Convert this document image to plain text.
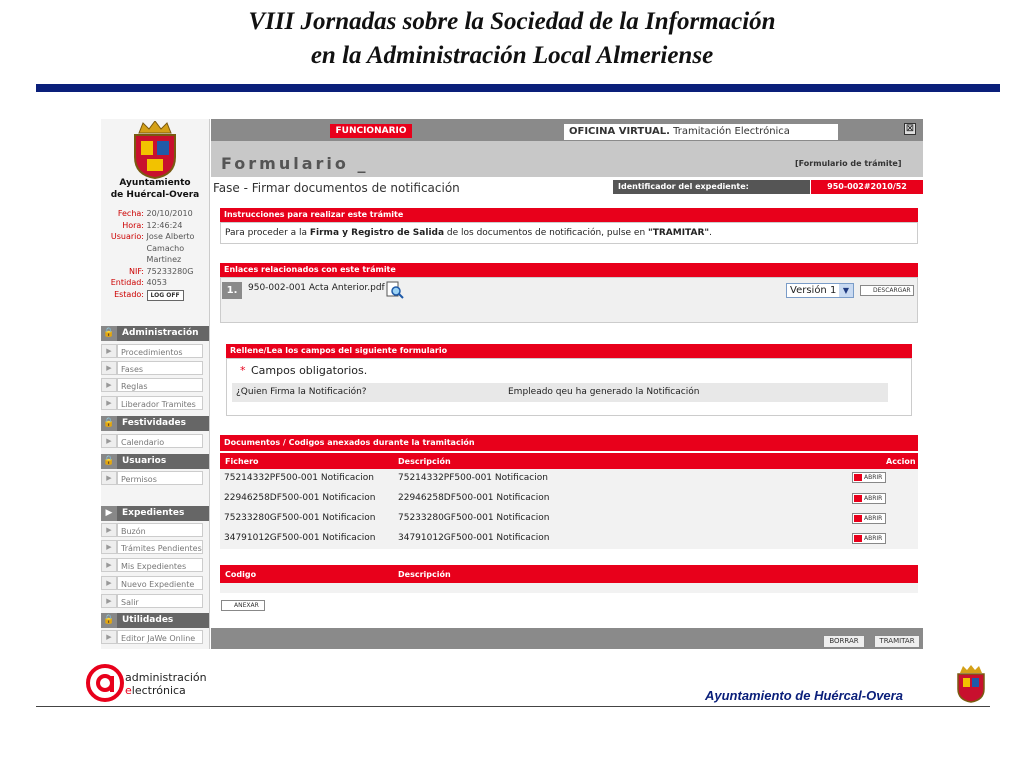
VIII Jornadas sobre la Sociedad de la Información
en la Administración Local Almeriense
Ayuntamiento
de Huércal-Overa
Fecha: 20/10/2010
Hora: 12:46:24
Usuario: Jose Alberto
Camacho
Martinez
NIF: 75233280G
Entidad: 4053
Estado: LOG OFF
🔒 Administración
▶ Procedimientos
▶ Fases
▶ Reglas
▶ Liberador Tramites
🔒 Festividades
▶ Calendario
🔒 Usuarios
▶ Permisos
▶ Expedientes
▶ Buzón
▶ Trámites Pendientes
▶ Mis Expedientes
▶ Nuevo Expediente
▶ Salir
🔒 Utilidades
▶ Editor JaWe Online
FUNCIONARIO	OFICINA VIRTUAL. Tramitación Electrónica	⊠
Formulario _	[Formulario de trámite]
Fase - Firmar documentos de notificación	Identificador del expediente:	950-002#2010/52
Instrucciones para realizar este trámite
Para proceder a la Firma y Registro de Salida de los documentos de notificación, pulse en "TRAMITAR".
Enlaces relacionados con este trámite
1.	950-002-001 Acta Anterior.pdf	Versión 1 ▼	DESCARGAR
Rellene/Lea los campos del siguiente formulario
* Campos obligatorios.
¿Quien Firma la Notificación?	Empleado qeu ha generado la Notificación
Documentos / Codigos anexados durante la tramitación
Fichero	Descripción	Accion
75214332PF500-001 Notificacion	75214332PF500-001 Notificacion	ABRIR
22946258DF500-001 Notificacion	22946258DF500-001 Notificacion	ABRIR
75233280GF500-001 Notificacion	75233280GF500-001 Notificacion	ABRIR
34791012GF500-001 Notificacion	34791012GF500-001 Notificacion	ABRIR
Codigo	Descripción
ANEXAR
BORRAR	TRAMITAR
administración
electrónica	Ayuntamiento de Huércal-Overa
